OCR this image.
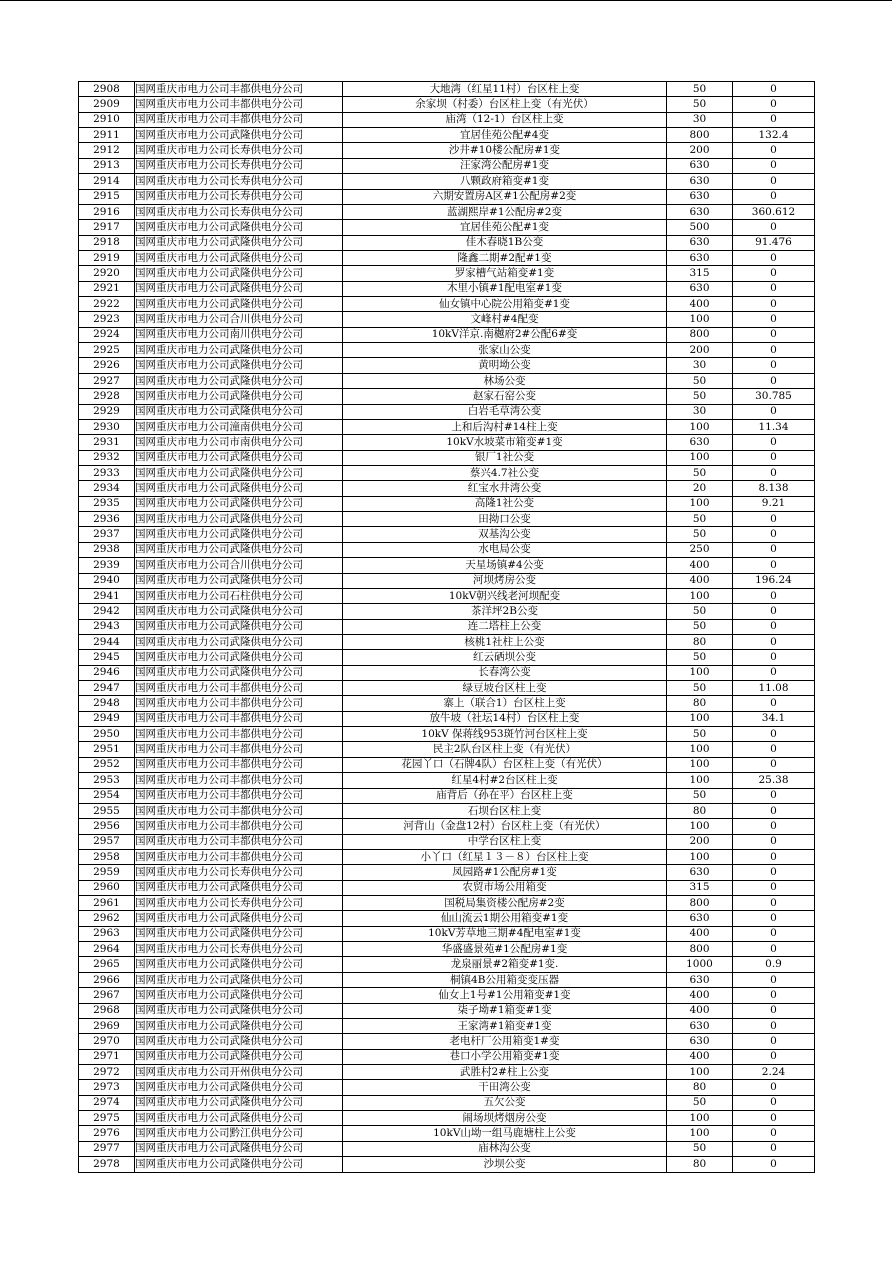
2908	国网重庆市电力公司丰都供电分公司	大地湾（红星11村）台区柱上变	50	0
2909	国网重庆市电力公司丰都供电分公司	余家坝（村委）台区柱上变（有光伏）	50	0
2910	国网重庆市电力公司丰都供电分公司	庙湾（12-1）台区柱上变	30	0
2911	国网重庆市电力公司武隆供电分公司	宜居佳苑公配#4变	800	132.4
2912	国网重庆市电力公司长寿供电分公司	沙井#10楼公配房#1变	200	0
2913	国网重庆市电力公司长寿供电分公司	汪家湾公配房#1变	630	0
2914	国网重庆市电力公司长寿供电分公司	八颗政府箱变#1变	630	0
2915	国网重庆市电力公司长寿供电分公司	六期安置房A区#1公配房#2变	630	0
2916	国网重庆市电力公司长寿供电分公司	蓝湖熙岸#1公配房#2变	630	360.612
2917	国网重庆市电力公司武隆供电分公司	宜居佳苑公配#1变	500	0
2918	国网重庆市电力公司武隆供电分公司	佳木春晓1B公变	630	91.476
2919	国网重庆市电力公司武隆供电分公司	隆鑫二期#2配#1变	630	0
2920	国网重庆市电力公司武隆供电分公司	罗家槽气站箱变#1变	315	0
2921	国网重庆市电力公司武隆供电分公司	木里小镇#1配电室#1变	630	0
2922	国网重庆市电力公司武隆供电分公司	仙女镇中心院公用箱变#1变	400	0
2923	国网重庆市电力公司合川供电分公司	文峰村#4配变	100	0
2924	国网重庆市电力公司南川供电分公司	10kV洋京.南樾府2#公配6#变	800	0
2925	国网重庆市电力公司武隆供电分公司	张家山公变	200	0
2926	国网重庆市电力公司武隆供电分公司	黄明坳公变	30	0
2927	国网重庆市电力公司武隆供电分公司	林场公变	50	0
2928	国网重庆市电力公司武隆供电分公司	赵家石窑公变	50	30.785
2929	国网重庆市电力公司武隆供电分公司	白岩毛草湾公变	30	0
2930	国网重庆市电力公司潼南供电分公司	上和后沟村#14柱上变	100	11.34
2931	国网重庆市电力公司市南供电分公司	10kV水坡菜市箱变#1变	630	0
2932	国网重庆市电力公司武隆供电分公司	银厂1社公变	100	0
2933	国网重庆市电力公司武隆供电分公司	蔡兴4.7社公变	50	0
2934	国网重庆市电力公司武隆供电分公司	红宝水井湾公变	20	8.138
2935	国网重庆市电力公司武隆供电分公司	高隆1社公变	100	9.21
2936	国网重庆市电力公司武隆供电分公司	田拗口公变	50	0
2937	国网重庆市电力公司武隆供电分公司	双基沟公变	50	0
2938	国网重庆市电力公司武隆供电分公司	水电局公变	250	0
2939	国网重庆市电力公司合川供电分公司	天星场镇#4公变	400	0
2940	国网重庆市电力公司武隆供电分公司	河坝烤房公变	400	196.24
2941	国网重庆市电力公司石柱供电分公司	10kV朝兴线老河坝配变	100	0
2942	国网重庆市电力公司武隆供电分公司	茶洋坪2B公变	50	0
2943	国网重庆市电力公司武隆供电分公司	连二塔柱上公变	50	0
2944	国网重庆市电力公司武隆供电分公司	核桃1社柱上公变	80	0
2945	国网重庆市电力公司武隆供电分公司	红云硒坝公变	50	0
2946	国网重庆市电力公司武隆供电分公司	长春湾公变	100	0
2947	国网重庆市电力公司丰都供电分公司	绿豆坡台区柱上变	50	11.08
2948	国网重庆市电力公司丰都供电分公司	寨上（联合1）台区柱上变	80	0
2949	国网重庆市电力公司丰都供电分公司	放牛坡（社坛14村）台区柱上变	100	34.1
2950	国网重庆市电力公司丰都供电分公司	10kV 保蒋线953斑竹河台区柱上变	50	0
2951	国网重庆市电力公司丰都供电分公司	民主2队台区柱上变（有光伏）	100	0
2952	国网重庆市电力公司丰都供电分公司	花园丫口（石牌4队）台区柱上变（有光伏）	100	0
2953	国网重庆市电力公司丰都供电分公司	红星4村#2台区柱上变	100	25.38
2954	国网重庆市电力公司丰都供电分公司	庙背后（孙在平）台区柱上变	50	0
2955	国网重庆市电力公司丰都供电分公司	石坝台区柱上变	80	0
2956	国网重庆市电力公司丰都供电分公司	河背山（金盘12村）台区柱上变（有光伏）	100	0
2957	国网重庆市电力公司丰都供电分公司	中学台区柱上变	200	0
2958	国网重庆市电力公司丰都供电分公司	小丫口（红星１３－８）台区柱上变	100	0
2959	国网重庆市电力公司长寿供电分公司	凤园路#1公配房#1变	630	0
2960	国网重庆市电力公司武隆供电分公司	农贸市场公用箱变	315	0
2961	国网重庆市电力公司长寿供电分公司	国税局集资楼公配房#2变	800	0
2962	国网重庆市电力公司武隆供电分公司	仙山流云1期公用箱变#1变	630	0
2963	国网重庆市电力公司武隆供电分公司	10kV芳草地三期#4配电室#1变	400	0
2964	国网重庆市电力公司长寿供电分公司	华盛盛景苑#1公配房#1变	800	0
2965	国网重庆市电力公司武隆供电分公司	龙泉丽景#2箱变#1变.	1000	0.9
2966	国网重庆市电力公司武隆供电分公司	桐镇4B公用箱变变压器	630	0
2967	国网重庆市电力公司武隆供电分公司	仙女上1号#1公用箱变#1变	400	0
2968	国网重庆市电力公司武隆供电分公司	柒子坳#1箱变#1变	400	0
2969	国网重庆市电力公司武隆供电分公司	王家湾#1箱变#1变	630	0
2970	国网重庆市电力公司武隆供电分公司	老电杆厂公用箱变1#变	630	0
2971	国网重庆市电力公司武隆供电分公司	巷口小学公用箱变#1变	400	0
2972	国网重庆市电力公司开州供电分公司	武胜村2#柱上公变	100	2.24
2973	国网重庆市电力公司武隆供电分公司	干田湾公变	80	0
2974	国网重庆市电力公司武隆供电分公司	五欠公变	50	0
2975	国网重庆市电力公司武隆供电分公司	闹场坝烤烟房公变	100	0
2976	国网重庆市电力公司黔江供电分公司	10kV山坳一组马鹿塘柱上公变	100	0
2977	国网重庆市电力公司武隆供电分公司	庙林沟公变	50	0
2978	国网重庆市电力公司武隆供电分公司	沙坝公变	80	0
